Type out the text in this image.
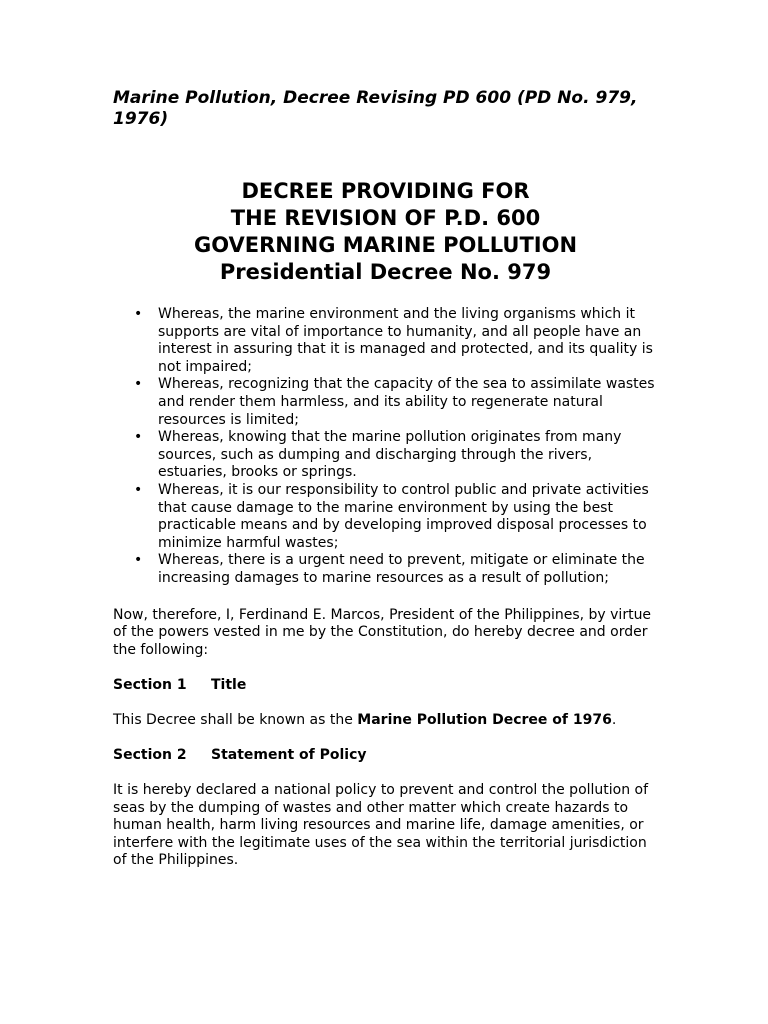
Marine Pollution, Decree Revising PD 600 (PD No. 979, 1976)

DECREE PROVIDING FOR
THE REVISION OF P.D. 600
GOVERNING MARINE POLLUTION
Presidential Decree No. 979
• Whereas, the marine environment and the living organisms which it supports are vital of importance to humanity, and all people have an interest in assuring that it is managed and protected, and its quality is not impaired;
• Whereas, recognizing that the capacity of the sea to assimilate wastes and render them harmless, and its ability to regenerate natural resources is limited;
• Whereas, knowing that the marine pollution originates from many sources, such as dumping and discharging through the rivers, estuaries, brooks or springs.
• Whereas, it is our responsibility to control public and private activities that cause damage to the marine environment by using the best practicable means and by developing improved disposal processes to minimize harmful wastes;
• Whereas, there is a urgent need to prevent, mitigate or eliminate the increasing damages to marine resources as a result of pollution;

Now, therefore, I, Ferdinand E. Marcos, President of the Philippines, by virtue of the powers vested in me by the Constitution, do hereby decree and order the following:

Section 1 Title

This Decree shall be known as the Marine Pollution Decree of 1976.

Section 2 Statement of Policy

It is hereby declared a national policy to prevent and control the pollution of seas by the dumping of wastes and other matter which create hazards to human health, harm living resources and marine life, damage amenities, or interfere with the legitimate uses of the sea within the territorial jurisdiction of the Philippines.
